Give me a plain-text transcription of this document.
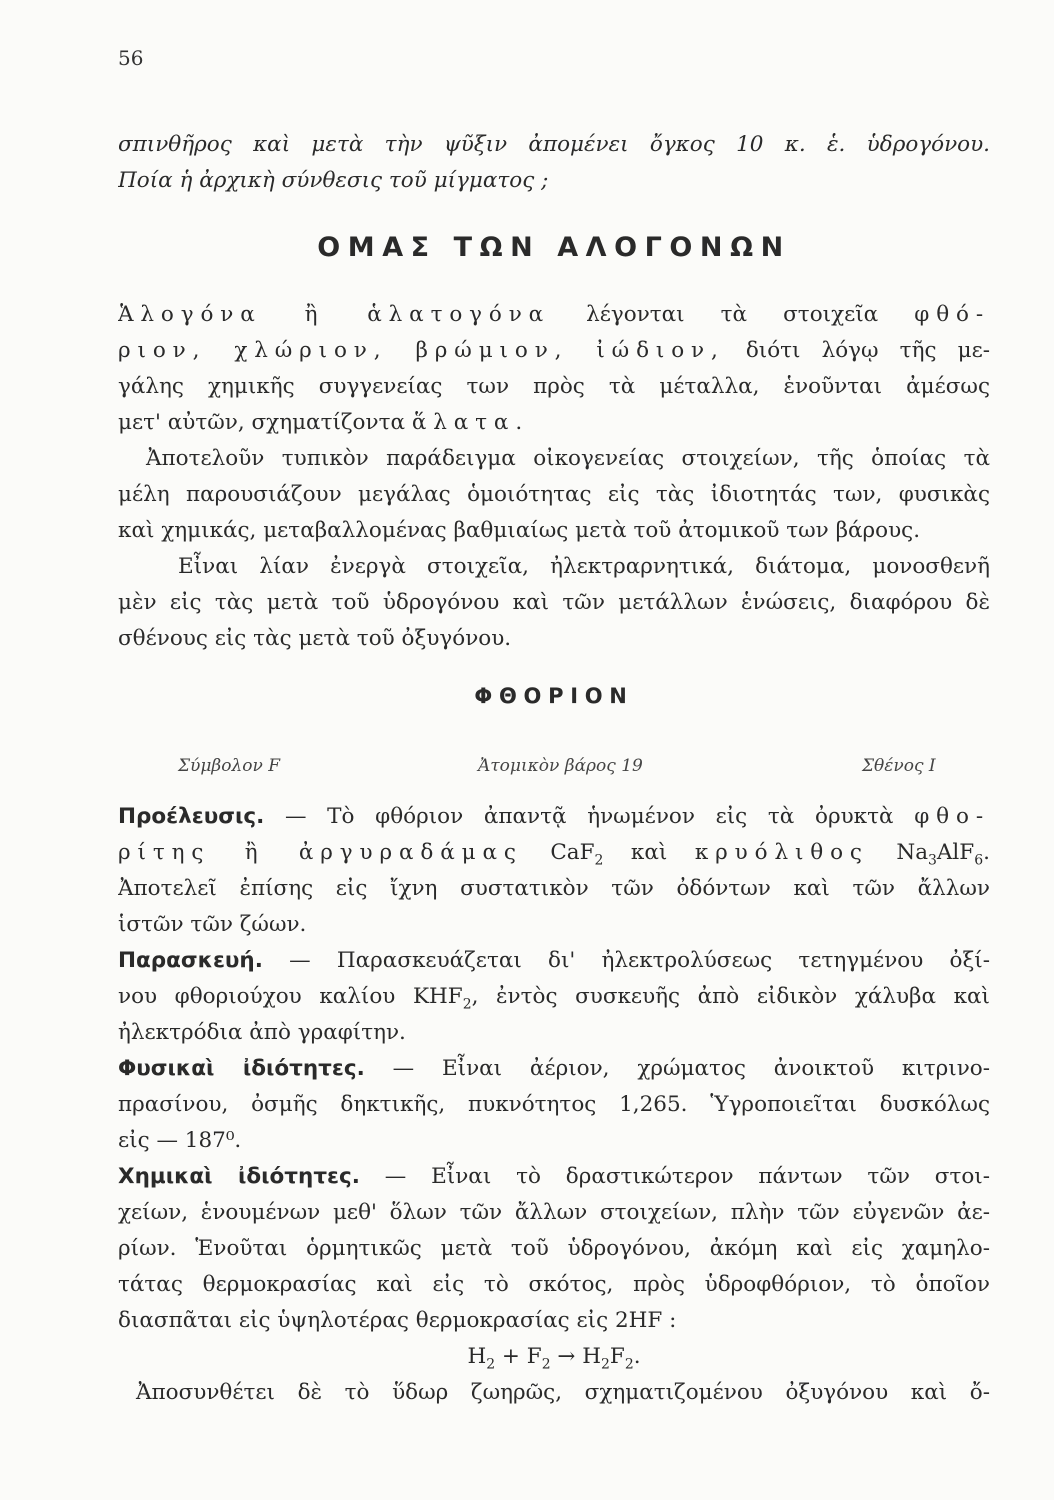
56
σπινθῆρος καὶ μετὰ τὴν ψῦξιν ἀπομένει ὄγκος 10 κ. ἑ. ὑδρογόνου.
Ποία ἡ ἀρχικὴ σύνθεσις τοῦ μίγματος ;
ΟΜΑΣ ΤΩΝ ΑΛΟΓΟΝΩΝ
Ἁλογόνα ἢ ἁλατογόνα λέγονται τὰ στοιχεῖα φθό-
ριον, χλώριον, βρώμιον, ἰώδιον, διότι λόγῳ τῆς με-
γάλης χημικῆς συγγενείας των πρὸς τὰ μέταλλα, ἑνοῦνται ἀμέσως
μετ' αὐτῶν, σχηματίζοντα ἅλατα.
Ἀποτελοῦν τυπικὸν παράδειγμα οἰκογενείας στοιχείων, τῆς ὁποίας τὰ
μέλη παρουσιάζουν μεγάλας ὁμοιότητας εἰς τὰς ἰδιοτητάς των, φυσικὰς
καὶ χημικάς, μεταβαλλομένας βαθμιαίως μετὰ τοῦ ἀτομικοῦ των βάρους.
Εἶναι λίαν ἐνεργὰ στοιχεῖα, ἠλεκτραρνητικά, διάτομα, μονοσθενῆ
μὲν εἰς τὰς μετὰ τοῦ ὑδρογόνου καὶ τῶν μετάλλων ἑνώσεις, διαφόρου δὲ
σθένους εἰς τὰς μετὰ τοῦ ὀξυγόνου.
ΦΘΟΡΙΟΝ
Σύμβολον F	Ἀτομικὸν βάρος 19	Σθένος I
Προέλευσις. — Τὸ φθόριον ἀπαντᾷ ἡνωμένον εἰς τὰ ὀρυκτὰ φθο-
ρίτης ἢ ἀργυραδάμας CaF$_2$ καὶ κρυόλιθος $Na_3AlF_6$.
Ἀποτελεῖ ἐπίσης εἰς ἴχνη συστατικὸν τῶν ὀδόντων καὶ τῶν ἄλλων
ἱστῶν τῶν ζώων.
Παρασκευή. — Παρασκευάζεται δι' ἠλεκτρολύσεως τετηγμένου ὀξί-
νου φθοριούχου καλίου $KHF_2$, ἐντὸς συσκευῆς ἀπὸ εἰδικὸν χάλυβα καὶ
ἠλεκτρόδια ἀπὸ γραφίτην.
Φυσικαὶ ἰδιότητες. — Εἶναι ἀέριον, χρώματος ἀνοικτοῦ κιτρινο-
πρασίνου, ὀσμῆς δηκτικῆς, πυκνότητος 1,265. Ὑγροποιεῖται δυσκόλως
εἰς — 187⁰.
Χημικαὶ ἰδιότητες. — Εἶναι τὸ δραστικώτερον πάντων τῶν στοι-
χείων, ἑνουμένων μεθ' ὅλων τῶν ἄλλων στοιχείων, πλὴν τῶν εὐγενῶν ἀε-
ρίων. Ἑνοῦται ὁρμητικῶς μετὰ τοῦ ὑδρογόνου, ἀκόμη καὶ εἰς χαμηλο-
τάτας θερμοκρασίας καὶ εἰς τὸ σκότος, πρὸς ὑδροφθόριον, τὸ ὁποῖον
διασπᾶται εἰς ὑψηλοτέρας θερμοκρασίας εἰς 2HF :
$H_2 + F_2 \to H_2F_2$.
Ἀποσυνθέτει δὲ τὸ ὕδωρ ζωηρῶς, σχηματιζομένου ὀξυγόνου καὶ ὄ-
